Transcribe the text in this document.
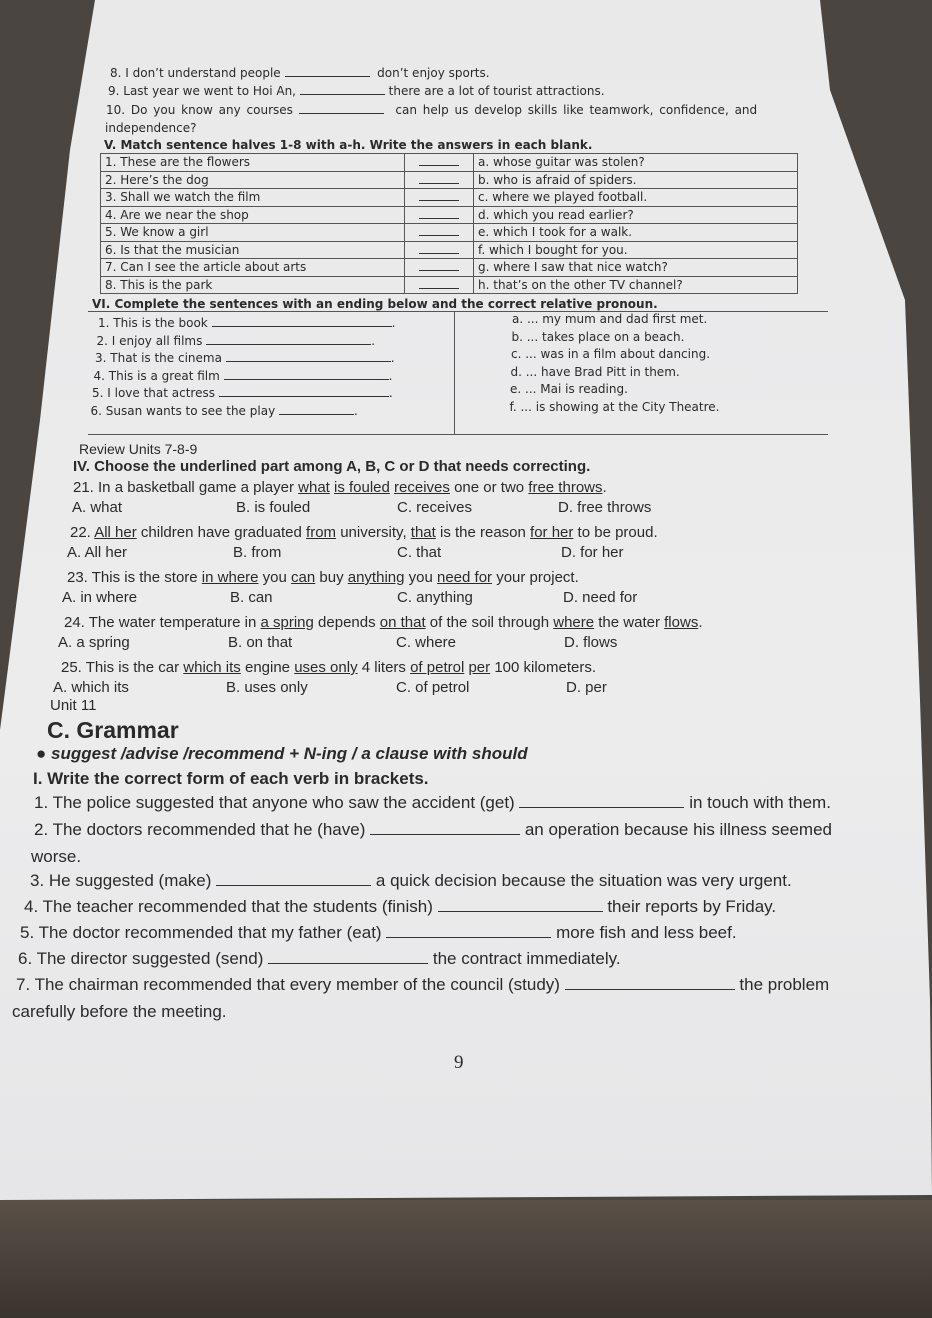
8. I don’t understand people	don’t enjoy sports.
9. Last year we went to Hoi An,	there are a lot of tourist attractions.
10. Do you know any courses	can help us develop skills like teamwork, confidence, and
independence?
V. Match sentence halves 1-8 with a-h. Write the answers in each blank.
1. These are the flowers		a. whose guitar was stolen?
2. Here’s the dog		b. who is afraid of spiders.
3. Shall we watch the film		c. where we played football.
4. Are we near the shop		d. which you read earlier?
5. We know a girl		e. which I took for a walk.
6. Is that the musician		f. which I bought for you.
7. Can I see the article about arts		g. where I saw that nice watch?
8. This is the park		h. that’s on the other TV channel?
VI. Complete the sentences with an ending below and the correct relative pronoun.
1. This is the book	.	a. ... my mum and dad first met.
2. I enjoy all films	.	b. ... takes place on a beach.
3. That is the cinema	.	c. ... was in a film about dancing.
4. This is a great film	.	d. ... have Brad Pitt in them.
5. I love that actress	.	e. ... Mai is reading.
6. Susan wants to see the play	.	f. ... is showing at the City Theatre.
Review Units 7-8-9
IV. Choose the underlined part among A, B, C or D that needs correcting.
21. In a basketball game a player what is fouled receives one or two free throws.
A. what	B. is fouled	C. receives	D. free throws
22. All her children have graduated from university, that is the reason for her to be proud.
A. All her	B. from	C. that	D. for her
23. This is the store in where you can buy anything you need for your project.
A. in where	B. can	C. anything	D. need for
24. The water temperature in a spring depends on that of the soil through where the water flows.
A. a spring	B. on that	C. where	D. flows
25. This is the car which its engine uses only 4 liters of petrol per 100 kilometers.
A. which its	B. uses only	C. of petrol	D. per
Unit 11
C. Grammar
● suggest /advise /recommend + N-ing / a clause with should
I. Write the correct form of each verb in brackets.
1. The police suggested that anyone who saw the accident (get)	in touch with them.
2. The doctors recommended that he (have)	an operation because his illness seemed
3. He suggested (make)	a quick decision because the situation was very urgent.
4. The teacher recommended that the students (finish)	their reports by Friday.
5. The doctor recommended that my father (eat)	more fish and less beef.
6. The director suggested (send)	the contract immediately.
7. The chairman recommended that every member of the council (study)	the problem
worse.
carefully before the meeting.
9
